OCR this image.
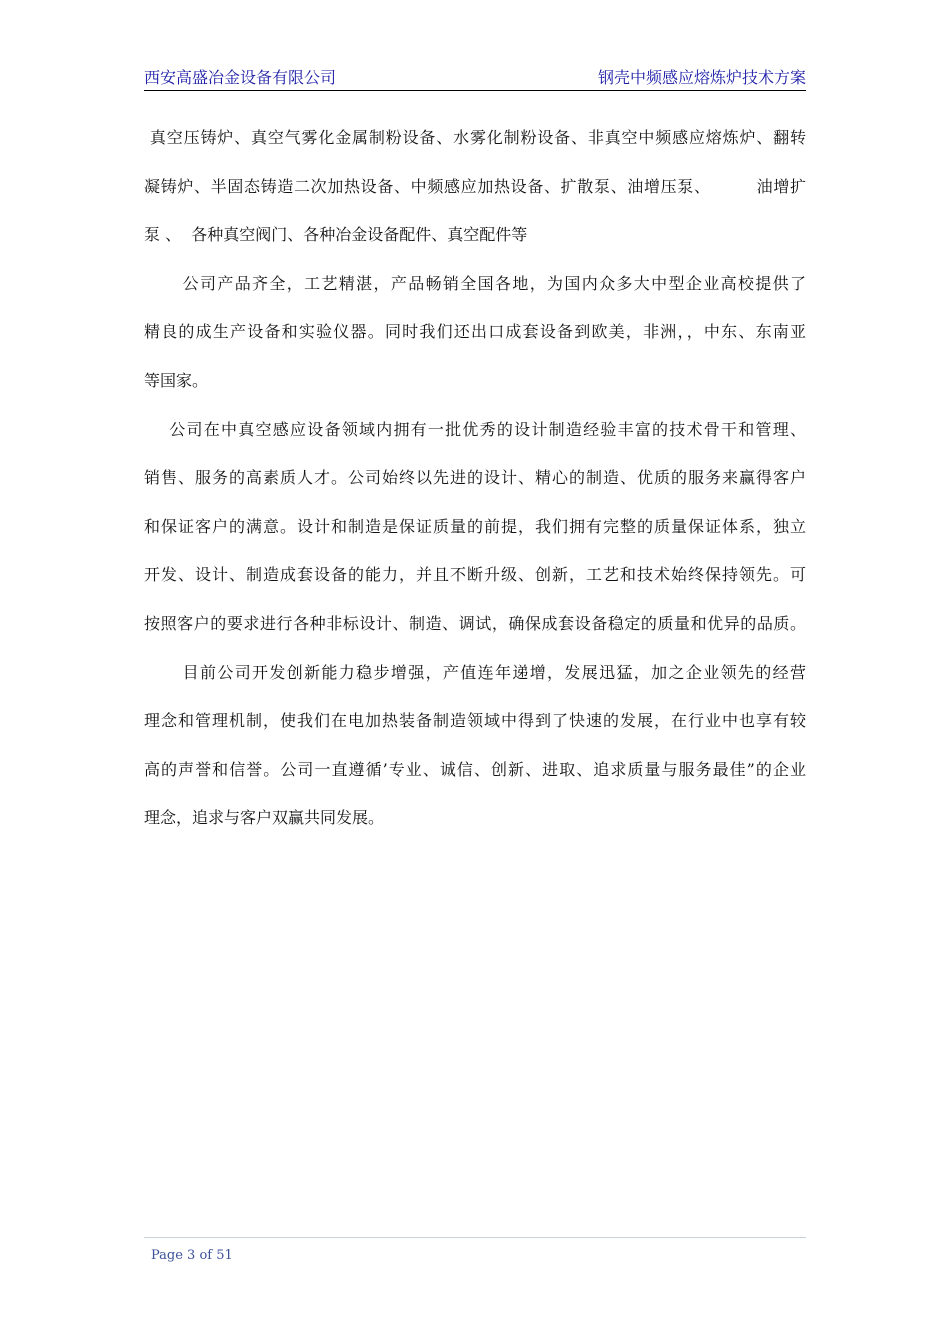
西安高盛冶金设备有限公司	钢壳中频感应熔炼炉技术方案
真空压铸炉、真空气雾化金属制粉设备、水雾化制粉设备、非真空中频感应熔炼炉、翻转
凝铸炉、半固态铸造二次加热设备、中频感应加热设备、扩散泵、油增压泵、        油增扩
泵 、  各种真空阀门、各种冶金设备配件、真空配件等
公司产品齐全，工艺精湛，产品畅销全国各地，为国内众多大中型企业高校提供了
精良的成生产设备和实验仪器。同时我们还出口成套设备到欧美，非洲，，中东、东南亚
等国家。
公司在中真空感应设备领域内拥有一批优秀的设计制造经验丰富的技术骨干和管理、
销售、服务的高素质人才。公司始终以先进的设计、精心的制造、优质的服务来赢得客户
和保证客户的满意。设计和制造是保证质量的前提，我们拥有完整的质量保证体系，独立
开发、设计、制造成套设备的能力，并且不断升级、创新，工艺和技术始终保持领先。可
按照客户的要求进行各种非标设计、制造、调试，确保成套设备稳定的质量和优异的品质。
目前公司开发创新能力稳步增强，产值连年递增，发展迅猛，加之企业领先的经营
理念和管理机制，使我们在电加热装备制造领域中得到了快速的发展，在行业中也享有较
高的声誉和信誉。公司一直遵循’专业、诚信、创新、进取、追求质量与服务最佳”的企业
理念，追求与客户双赢共同发展。
Page 3 of 51
